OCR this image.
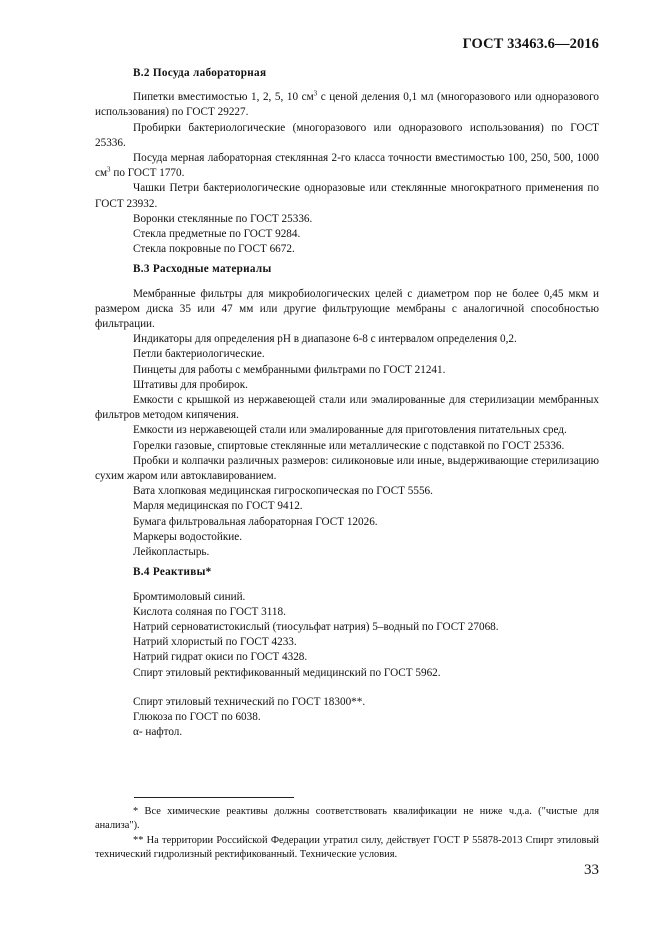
ГОСТ 33463.6—2016

В.2 Посуда лабораторная

Пипетки вместимостью 1, 2, 5, 10 $см^3$ с ценой деления 0,1 мл (многоразового или одноразового использования) по ГОСТ 29227.

Пробирки бактериологические (многоразового или одноразового использования) по ГОСТ 25336.

Посуда мерная лабораторная стеклянная 2-го класса точности вместимостью 100, 250, 500, 1000 $см^3$ по ГОСТ 1770.

Чашки Петри бактериологические одноразовые или стеклянные многократного применения по ГОСТ 23932.

Воронки стеклянные по ГОСТ 25336.

Стекла предметные по ГОСТ 9284.

Стекла покровные по ГОСТ 6672.

В.3 Расходные материалы

Мембранные фильтры для микробиологических целей с диаметром пор не более 0,45 мкм и размером диска 35 или 47 мм или другие фильтрующие мембраны с аналогичной способностью фильтрации.

Индикаторы для определения рН в диапазоне 6-8 с интервалом определения 0,2.

Петли бактериологические.

Пинцеты для работы с мембранными фильтрами по ГОСТ 21241.

Штативы для пробирок.

Емкости с крышкой из нержавеющей стали или эмалированные для стерилизации мембранных фильтров методом кипячения.

Емкости из нержавеющей стали или эмалированные для приготовления питательных сред.

Горелки газовые, спиртовые стеклянные или металлические с подставкой по ГОСТ 25336.

Пробки и колпачки различных размеров: силиконовые или иные, выдерживающие стерилизацию сухим жаром или автоклавированием.

Вата хлопковая медицинская гигроскопическая по ГОСТ 5556.

Марля медицинская по ГОСТ 9412.

Бумага фильтровальная лабораторная ГОСТ 12026.

Маркеры водостойкие.

Лейкопластырь.

В.4 Реактивы*

Бромтимоловый синий.

Кислота соляная по ГОСТ 3118.

Натрий серноватистокислый (тиосульфат натрия) 5–водный по ГОСТ 27068.

Натрий хлористый по ГОСТ 4233.

Натрий гидрат окиси по ГОСТ 4328.

Спирт этиловый ректификованный медицинский по ГОСТ 5962.

Спирт этиловый технический по ГОСТ 18300**.

Глюкоза по ГОСТ по 6038.

α- нафтол.

* Все химические реактивы должны соответствовать квалификации не ниже ч.д.а. ("чистые для анализа").

** На территории Российской Федерации утратил силу, действует ГОСТ Р 55878-2013 Спирт этиловый технический гидролизный ректификованный. Технические условия.

33
